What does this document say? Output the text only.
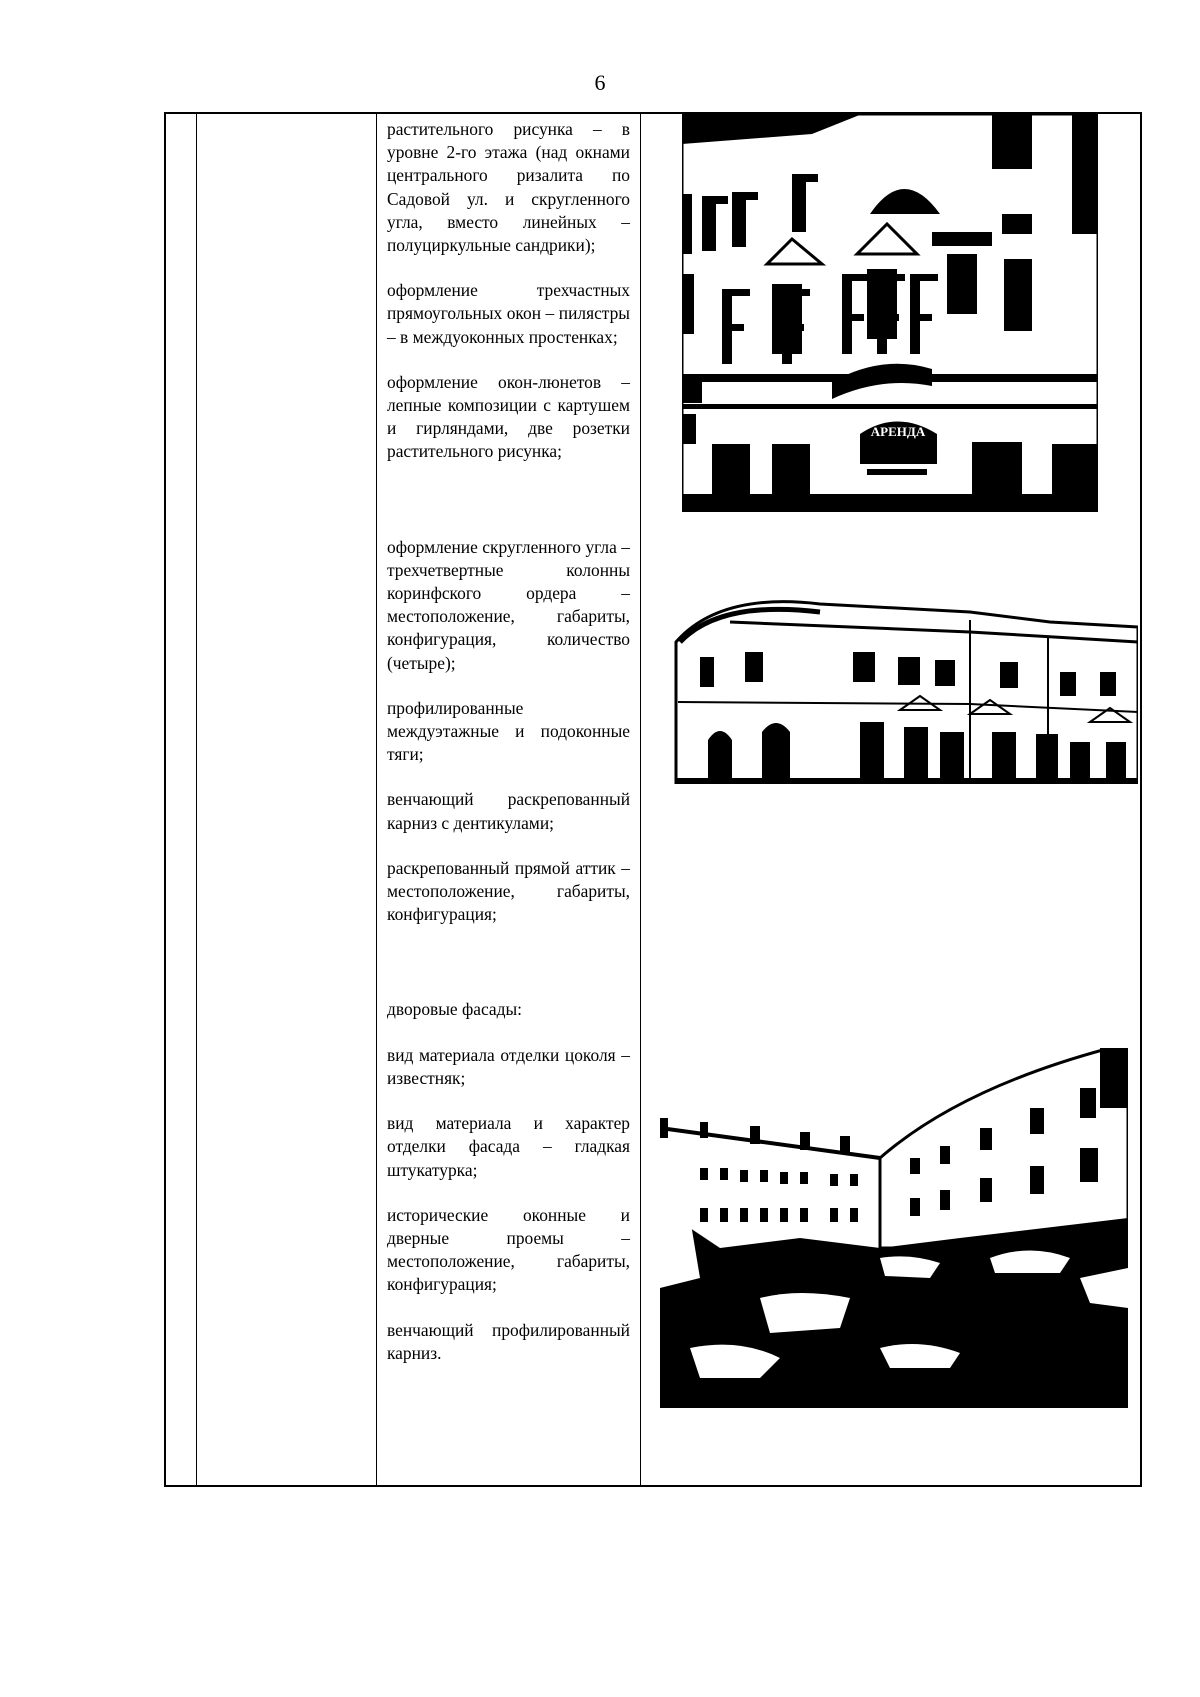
6

растительного рисунка – в уровне 2-го этажа (над окнами центрального ризалита по Садовой ул. и скругленного угла, вместо линейных – полуциркульные сандрики);

оформление трехчастных прямоугольных окон – пилястры – в междуоконных простенках;

оформление окон-люнетов – лепные композиции с картушем и гирляндами, две розетки растительного рисунка;

оформление скругленного угла – трехчетвертные колонны коринфского ордера – местоположение, габариты, конфигурация, количество (четыре);

профилированные междуэтажные и подоконные тяги;

венчающий раскрепованный карниз с дентикулами;

раскрепованный прямой аттик – местоположение, габариты, конфигурация;

дворовые фасады:

вид материала отделки цоколя – известняк;

вид материала и характер отделки фасада – гладкая штукатурка;

исторические оконные и дверные проемы – местоположение, габариты, конфигурация;

венчающий профилированный карниз.

АРЕНДА
